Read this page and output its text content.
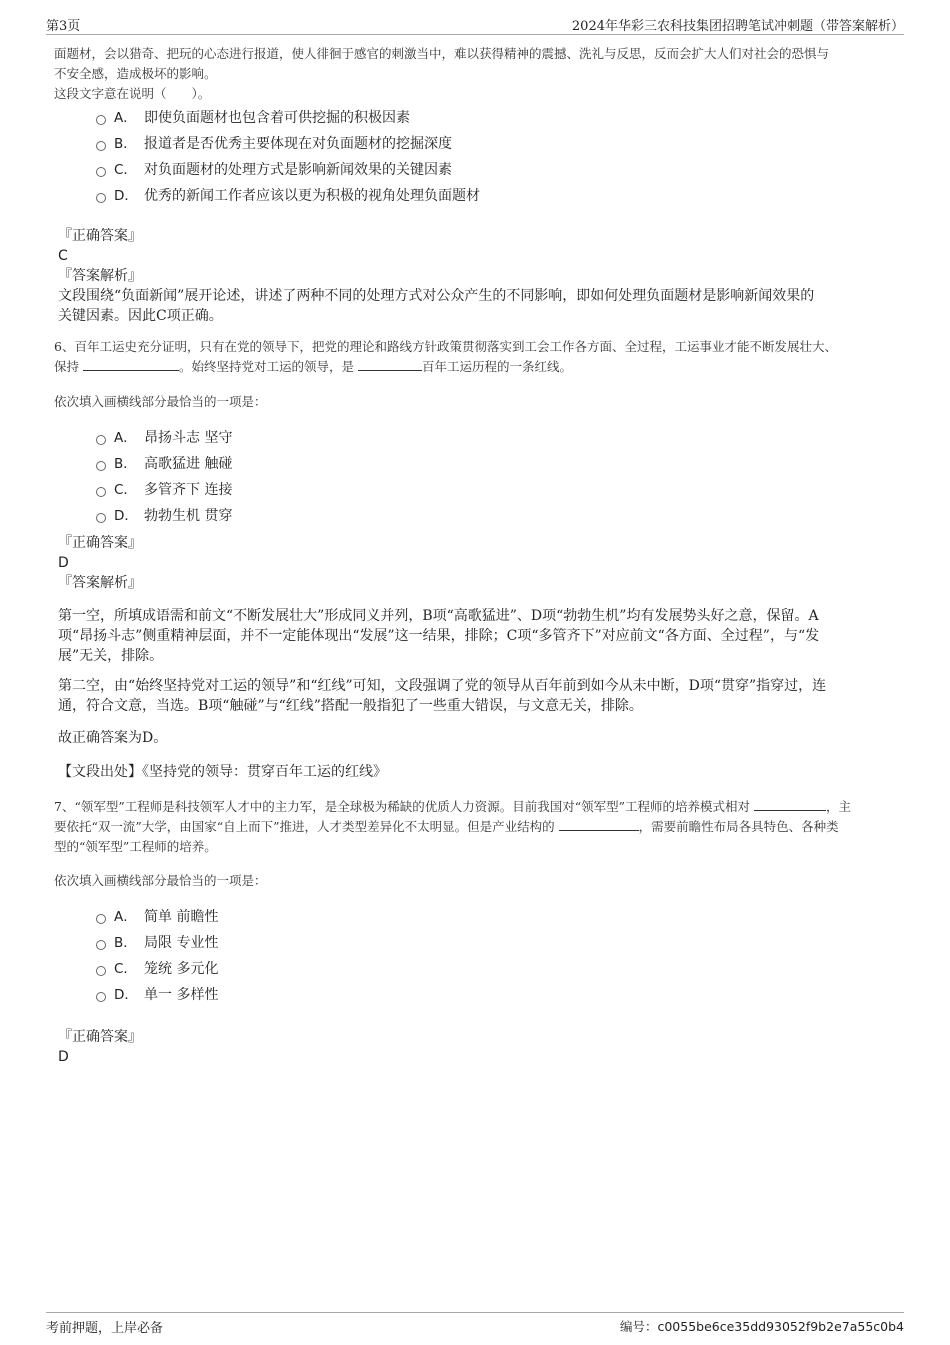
第3页	2024年华彩三农科技集团招聘笔试冲刺题（带答案解析）
面题材，会以猎奇、把玩的心态进行报道，使人徘徊于感官的刺激当中，难以获得精神的震撼、洗礼与反思，反而会扩大人们对社会的恐惧与
不安全感，造成极坏的影响。
这段文字意在说明（　　）。
A． 即使负面题材也包含着可供挖掘的积极因素
B． 报道者是否优秀主要体现在对负面题材的挖掘深度
C． 对负面题材的处理方式是影响新闻效果的关键因素
D． 优秀的新闻工作者应该以更为积极的视角处理负面题材
『正确答案』
C
『答案解析』
文段围绕“负面新闻”展开论述，讲述了两种不同的处理方式对公众产生的不同影响，即如何处理负面题材是影响新闻效果的
关键因素。因此C项正确。
6、百年工运史充分证明，只有在党的领导下，把党的理论和路线方针政策贯彻落实到工会工作各方面、全过程，工运事业才能不断发展壮大、
保持	。始终坚持党对工运的领导，是	百年工运历程的一条红线。
依次填入画横线部分最恰当的一项是：
A． 昂扬斗志 坚守
B． 高歌猛进 触碰
C． 多管齐下 连接
D． 勃勃生机 贯穿
『正确答案』
D
『答案解析』
第一空，所填成语需和前文“不断发展壮大”形成同义并列，B项“高歌猛进”、D项“勃勃生机”均有发展势头好之意，保留。A
项“昂扬斗志”侧重精神层面，并不一定能体现出“发展”这一结果，排除；C项“多管齐下”对应前文“各方面、全过程”，与“发
展”无关，排除。
第二空，由“始终坚持党对工运的领导”和“红线”可知，文段强调了党的领导从百年前到如今从未中断，D项“贯穿”指穿过，连
通，符合文意，当选。B项“触碰”与“红线”搭配一般指犯了一些重大错误，与文意无关，排除。
故正确答案为D。
【文段出处】《坚持党的领导：贯穿百年工运的红线》
7、“领军型”工程师是科技领军人才中的主力军，是全球极为稀缺的优质人力资源。目前我国对“领军型”工程师的培养模式相对	，主
要依托“双一流”大学，由国家“自上而下”推进，人才类型差异化不太明显。但是产业结构的	，需要前瞻性布局各具特色、各种类
型的“领军型”工程师的培养。
依次填入画横线部分最恰当的一项是：
A． 简单 前瞻性
B． 局限 专业性
C． 笼统 多元化
D． 单一 多样性
『正确答案』
D
考前押题，上岸必备	编号：c0055be6ce35dd93052f9b2e7a55c0b4
